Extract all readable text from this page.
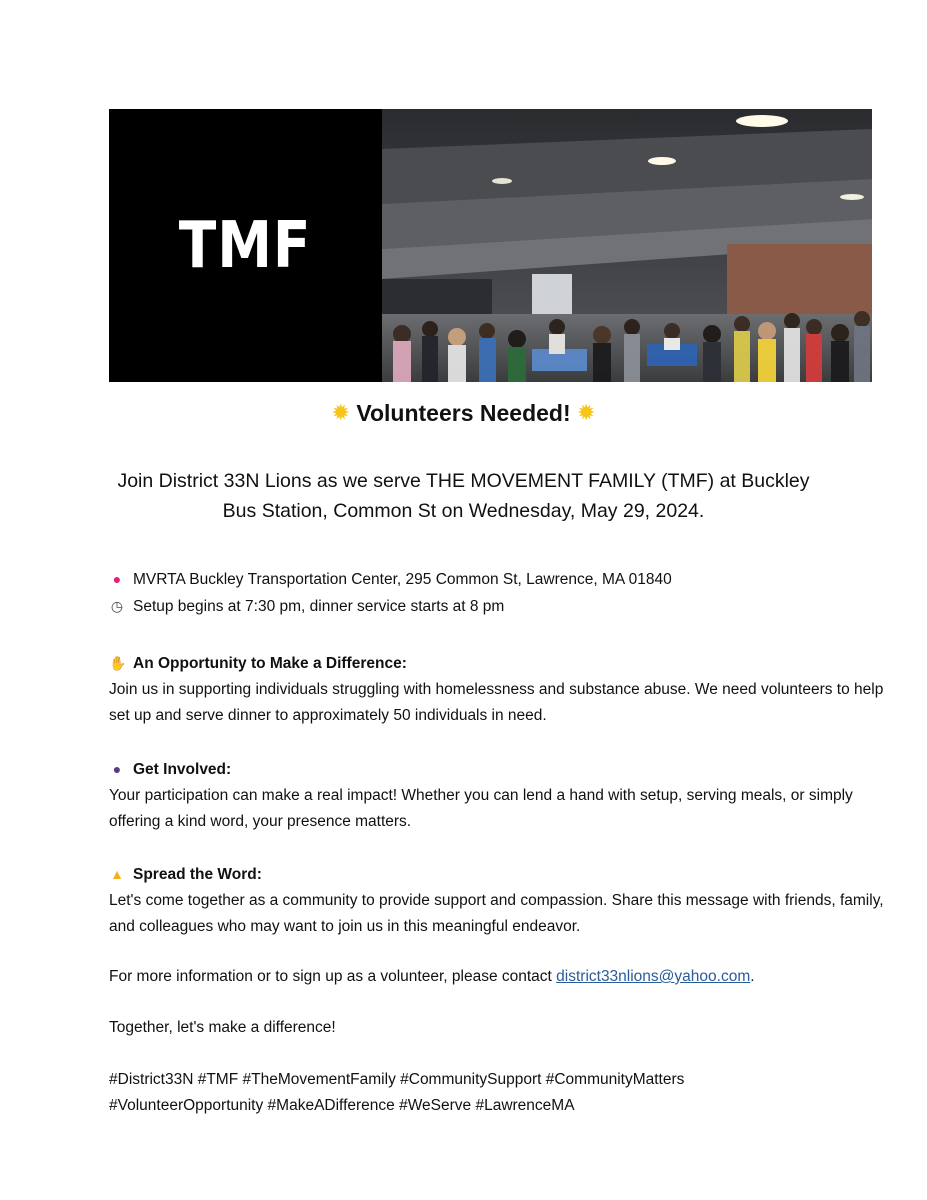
TMF
✹ Volunteers Needed! ✹
Join District 33N Lions as we serve THE MOVEMENT FAMILY (TMF) at Buckley Bus Station, Common St on Wednesday, May 29, 2024.
● MVRTA Buckley Transportation Center, 295 Common St, Lawrence, MA 01840
◷ Setup begins at 7:30 pm, dinner service starts at 8 pm
✋ An Opportunity to Make a Difference:
Join us in supporting individuals struggling with homelessness and substance abuse. We need volunteers to help set up and serve dinner to approximately 50 individuals in need.
● Get Involved:
Your participation can make a real impact! Whether you can lend a hand with setup, serving meals, or simply offering a kind word, your presence matters.
▲ Spread the Word:
Let's come together as a community to provide support and compassion. Share this message with friends, family, and colleagues who may want to join us in this meaningful endeavor.
For more information or to sign up as a volunteer, please contact district33nlions@yahoo.com.
Together, let's make a difference!
#District33N #TMF #TheMovementFamily #CommunitySupport #CommunityMatters #VolunteerOpportunity #MakeADifference #WeServe #LawrenceMA
